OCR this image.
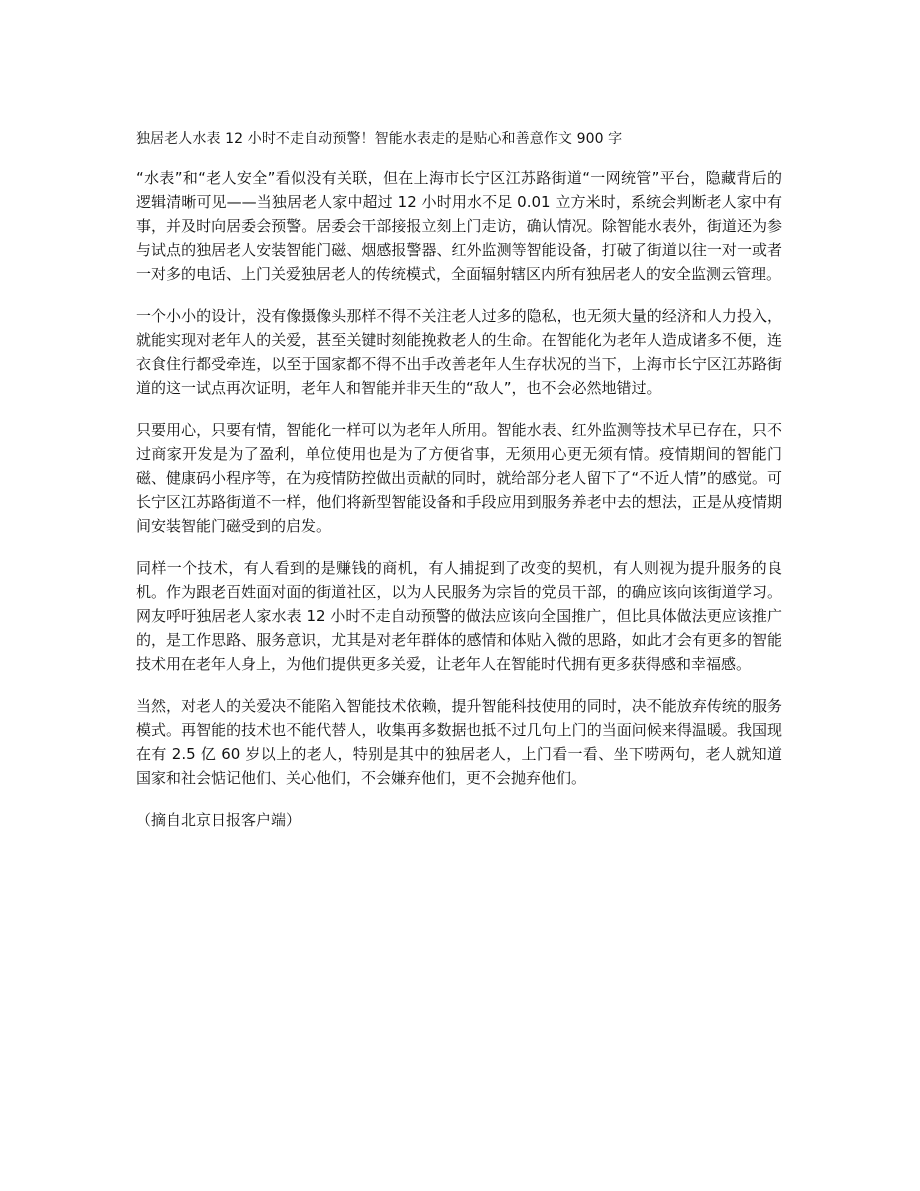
独居老人水表 12 小时不走自动预警！智能水表走的是贴心和善意作文 900 字

“水表”和“老人安全”看似没有关联，但在上海市长宁区江苏路街道“一网统管”平台，隐藏背后的逻辑清晰可见——当独居老人家中超过 12 小时用水不足 0.01 立方米时，系统会判断老人家中有事，并及时向居委会预警。居委会干部接报立刻上门走访，确认情况。除智能水表外，街道还为参与试点的独居老人安装智能门磁、烟感报警器、红外监测等智能设备，打破了街道以往一对一或者一对多的电话、上门关爱独居老人的传统模式，全面辐射辖区内所有独居老人的安全监测云管理。

一个小小的设计，没有像摄像头那样不得不关注老人过多的隐私，也无须大量的经济和人力投入，就能实现对老年人的关爱，甚至关键时刻能挽救老人的生命。在智能化为老年人造成诸多不便，连衣食住行都受牵连，以至于国家都不得不出手改善老年人生存状况的当下，上海市长宁区江苏路街道的这一试点再次证明，老年人和智能并非天生的“敌人”，也不会必然地错过。

只要用心，只要有情，智能化一样可以为老年人所用。智能水表、红外监测等技术早已存在，只不过商家开发是为了盈利，单位使用也是为了方便省事，无须用心更无须有情。疫情期间的智能门磁、健康码小程序等，在为疫情防控做出贡献的同时，就给部分老人留下了“不近人情”的感觉。可长宁区江苏路街道不一样，他们将新型智能设备和手段应用到服务养老中去的想法，正是从疫情期间安装智能门磁受到的启发。

同样一个技术，有人看到的是赚钱的商机，有人捕捉到了改变的契机，有人则视为提升服务的良机。作为跟老百姓面对面的街道社区，以为人民服务为宗旨的党员干部，的确应该向该街道学习。网友呼吁独居老人家水表 12 小时不走自动预警的做法应该向全国推广，但比具体做法更应该推广的，是工作思路、服务意识，尤其是对老年群体的感情和体贴入微的思路，如此才会有更多的智能技术用在老年人身上，为他们提供更多关爱，让老年人在智能时代拥有更多获得感和幸福感。

当然，对老人的关爱决不能陷入智能技术依赖，提升智能科技使用的同时，决不能放弃传统的服务模式。再智能的技术也不能代替人，收集再多数据也抵不过几句上门的当面问候来得温暖。我国现在有 2.5 亿 60 岁以上的老人，特别是其中的独居老人，上门看一看、坐下唠两句，老人就知道国家和社会惦记他们、关心他们，不会嫌弃他们，更不会抛弃他们。

（摘自北京日报客户端）
